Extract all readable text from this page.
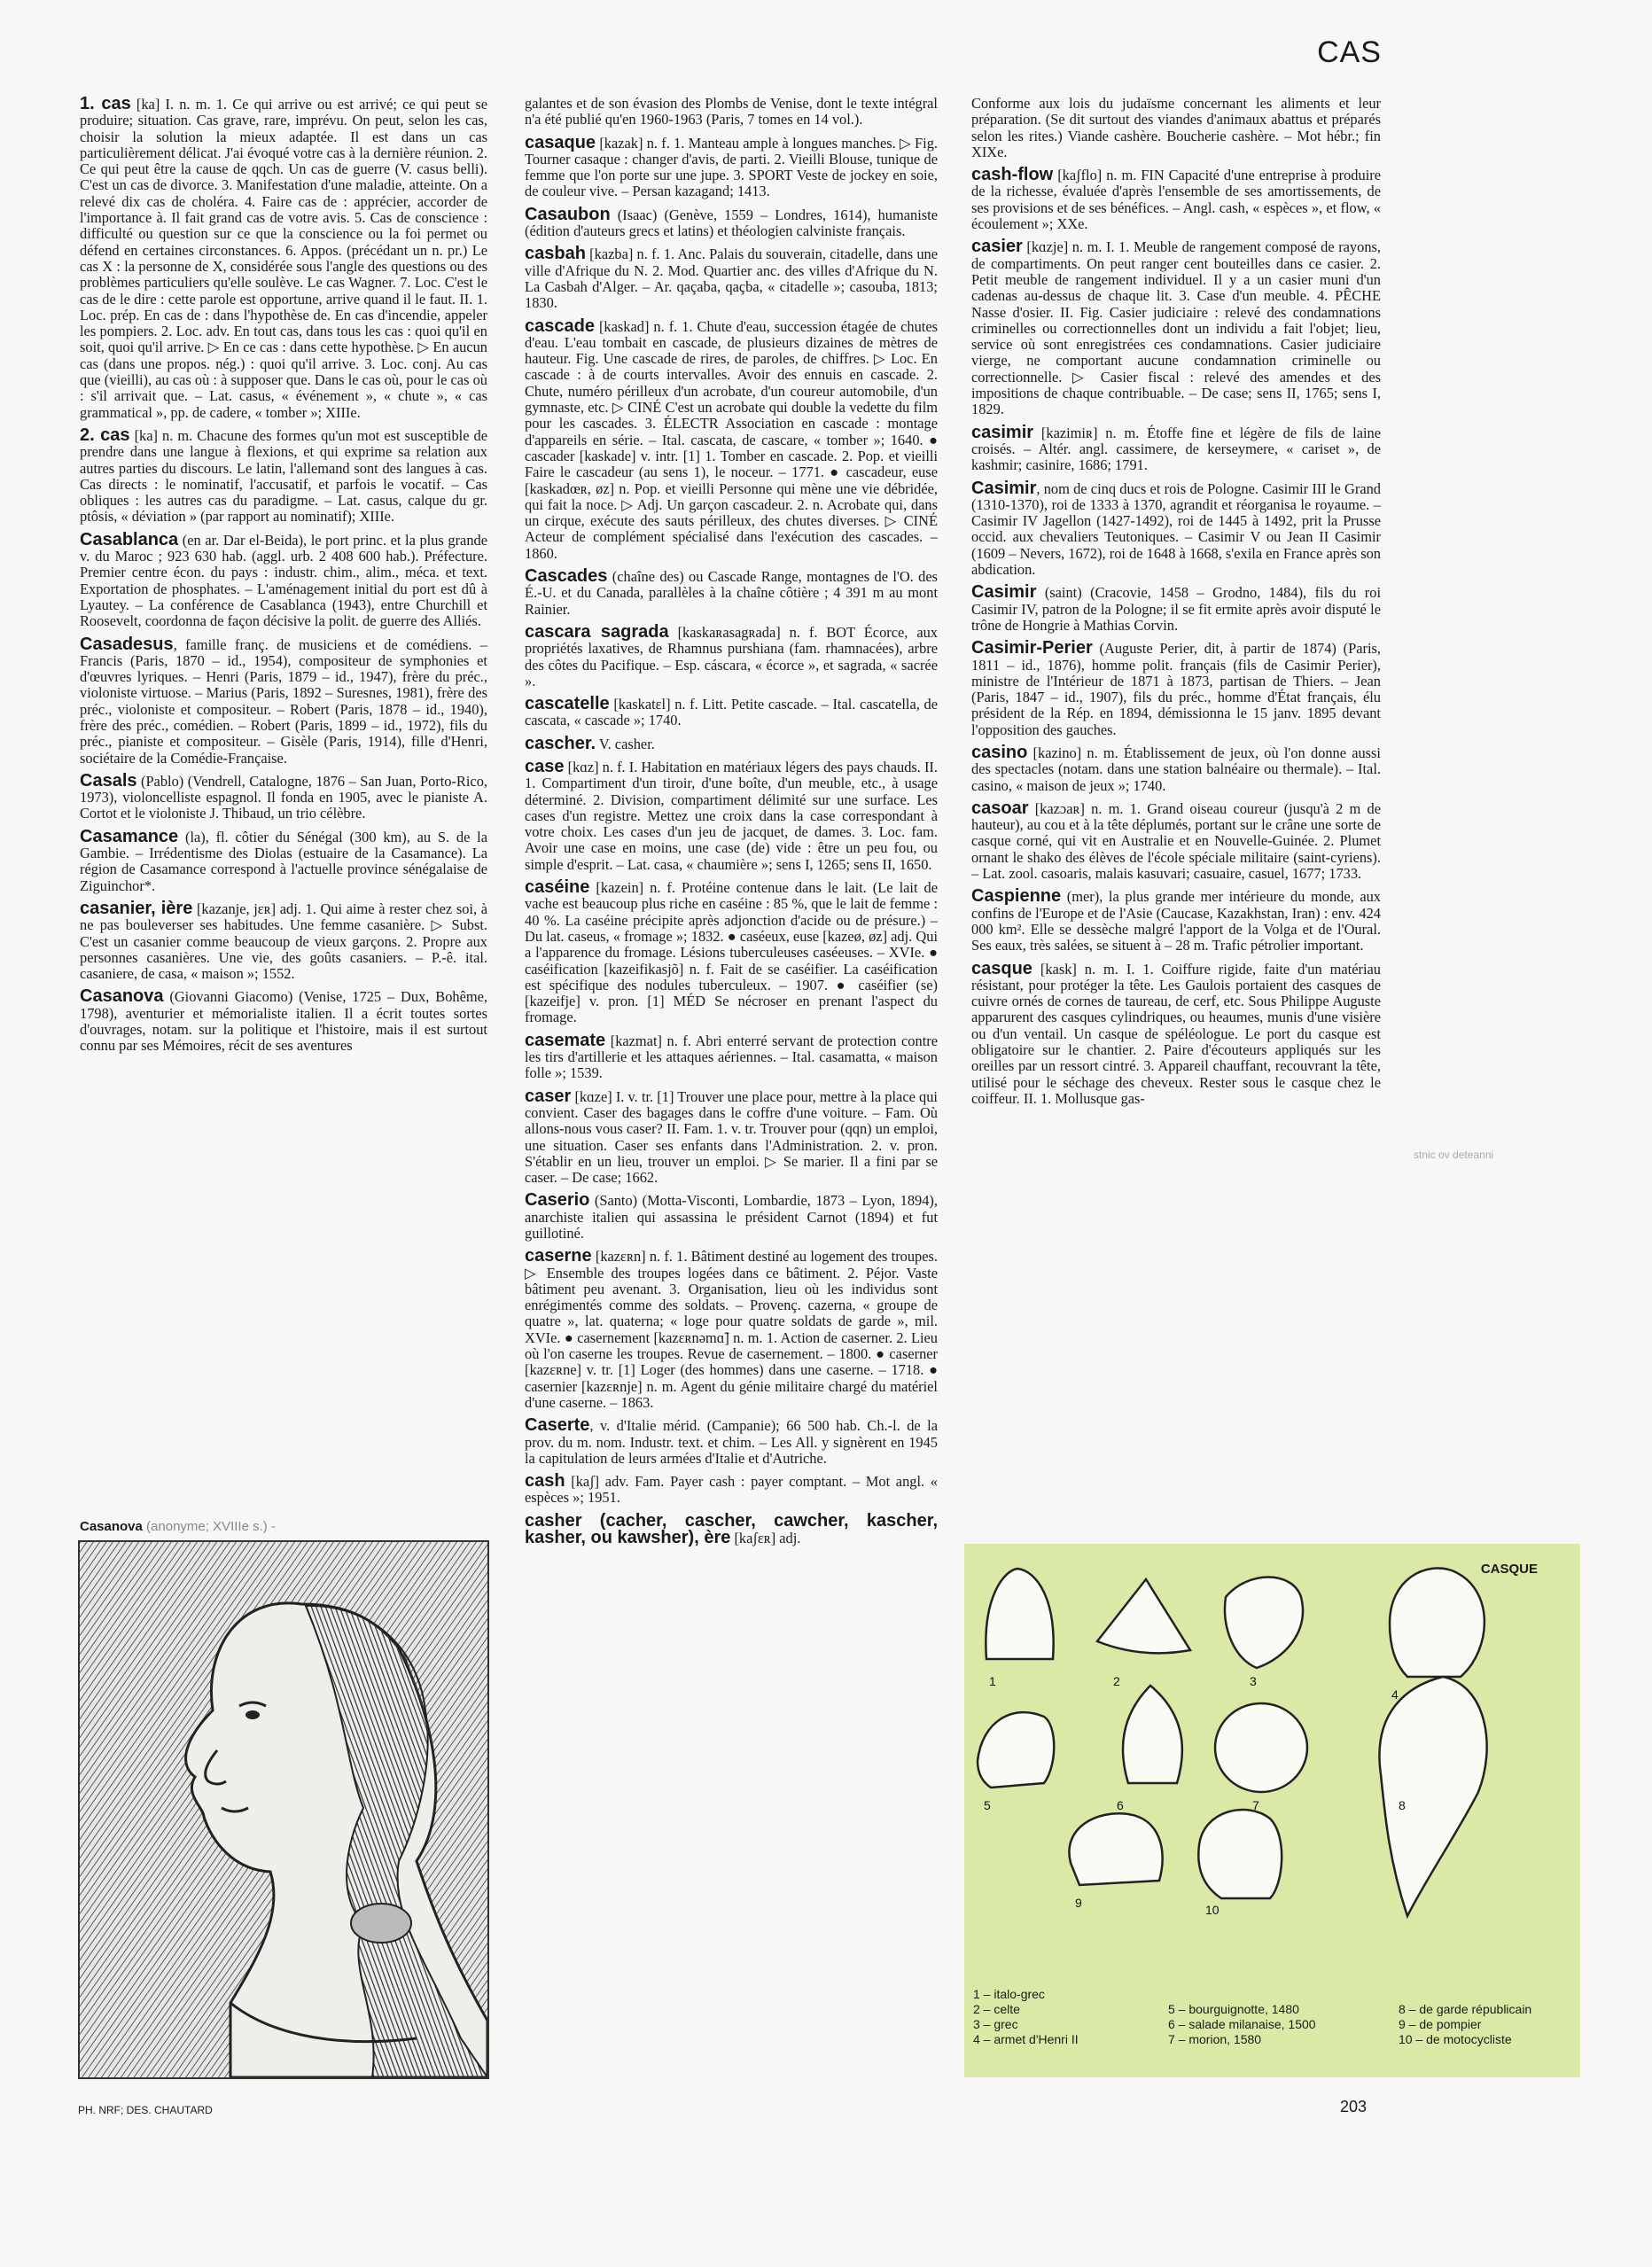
CAS

1. cas [ka] I. n. m. 1. Ce qui arrive ou est arrivé; ce qui peut se produire; situation. Cas grave, rare, imprévu. On peut, selon les cas, choisir la solution la mieux adaptée. Il est dans un cas particulièrement délicat. J'ai évoqué votre cas à la dernière réunion. 2. Ce qui peut être la cause de qqch. Un cas de guerre (V. casus belli). C'est un cas de divorce. 3. Manifestation d'une maladie, atteinte. On a relevé dix cas de choléra. 4. Faire cas de : apprécier, accorder de l'importance à. Il fait grand cas de votre avis. 5. Cas de conscience : difficulté ou question sur ce que la conscience ou la foi permet ou défend en certaines circonstances. 6. Appos. (précédant un n. pr.) Le cas X : la personne de X, considérée sous l'angle des questions ou des problèmes particuliers qu'elle soulève. Le cas Wagner. 7. Loc. C'est le cas de le dire : cette parole est opportune, arrive quand il le faut. II. 1. Loc. prép. En cas de : dans l'hypothèse de. En cas d'incendie, appeler les pompiers. 2. Loc. adv. En tout cas, dans tous les cas : quoi qu'il en soit, quoi qu'il arrive. ▷ En ce cas : dans cette hypothèse. ▷ En aucun cas (dans une propos. nég.) : quoi qu'il arrive. 3. Loc. conj. Au cas que (vieilli), au cas où : à supposer que. Dans le cas où, pour le cas où : s'il arrivait que. – Lat. casus, « événement », « chute », « cas grammatical », pp. de cadere, « tomber »; XIIIe.

2. cas [ka] n. m. Chacune des formes qu'un mot est susceptible de prendre dans une langue à flexions, et qui exprime sa relation aux autres parties du discours. Le latin, l'allemand sont des langues à cas. Cas directs : le nominatif, l'accusatif, et parfois le vocatif. – Cas obliques : les autres cas du paradigme. – Lat. casus, calque du gr. ptôsis, « déviation » (par rapport au nominatif); XIIIe.

Casablanca (en ar. Dar el-Beida), le port princ. et la plus grande v. du Maroc ; 923 630 hab. (aggl. urb. 2 408 600 hab.). Préfecture. Premier centre écon. du pays : industr. chim., alim., méca. et text. Exportation de phosphates. – L'aménagement initial du port est dû à Lyautey. – La conférence de Casablanca (1943), entre Churchill et Roosevelt, coordonna de façon décisive la polit. de guerre des Alliés.

Casadesus, famille franç. de musiciens et de comédiens. – Francis (Paris, 1870 – id., 1954), compositeur de symphonies et d'œuvres lyriques. – Henri (Paris, 1879 – id., 1947), frère du préc., violoniste virtuose. – Marius (Paris, 1892 – Suresnes, 1981), frère des préc., violoniste et compositeur. – Robert (Paris, 1878 – id., 1940), frère des préc., comédien. – Robert (Paris, 1899 – id., 1972), fils du préc., pianiste et compositeur. – Gisèle (Paris, 1914), fille d'Henri, sociétaire de la Comédie-Française.

Casals (Pablo) (Vendrell, Catalogne, 1876 – San Juan, Porto-Rico, 1973), violoncelliste espagnol. Il fonda en 1905, avec le pianiste A. Cortot et le violoniste J. Thibaud, un trio célèbre.

Casamance (la), fl. côtier du Sénégal (300 km), au S. de la Gambie. – Irrédentisme des Diolas (estuaire de la Casamance). La région de Casamance correspond à l'actuelle province sénégalaise de Ziguinchor*.

casanier, ière [kazanje, jɛʀ] adj. 1. Qui aime à rester chez soi, à ne pas bouleverser ses habitudes. Une femme casanière. ▷ Subst. C'est un casanier comme beaucoup de vieux garçons. 2. Propre aux personnes casanières. Une vie, des goûts casaniers. – P.-ê. ital. casaniere, de casa, « maison »; 1552.

Casanova (Giovanni Giacomo) (Venise, 1725 – Dux, Bohême, 1798), aventurier et mémorialiste italien. Il a écrit toutes sortes d'ouvrages, notam. sur la politique et l'histoire, mais il est surtout connu par ses Mémoires, récit de ses aventures

galantes et de son évasion des Plombs de Venise, dont le texte intégral n'a été publié qu'en 1960-1963 (Paris, 7 tomes en 14 vol.).

casaque [kazak] n. f. 1. Manteau ample à longues manches. ▷ Fig. Tourner casaque : changer d'avis, de parti. 2. Vieilli Blouse, tunique de femme que l'on porte sur une jupe. 3. SPORT Veste de jockey en soie, de couleur vive. – Persan kazagand; 1413.

Casaubon (Isaac) (Genève, 1559 – Londres, 1614), humaniste (édition d'auteurs grecs et latins) et théologien calviniste français.

casbah [kazba] n. f. 1. Anc. Palais du souverain, citadelle, dans une ville d'Afrique du N. 2. Mod. Quartier anc. des villes d'Afrique du N. La Casbah d'Alger. – Ar. qaçaba, qaçba, « citadelle »; casouba, 1813; 1830.

cascade [kaskad] n. f. 1. Chute d'eau, succession étagée de chutes d'eau. L'eau tombait en cascade, de plusieurs dizaines de mètres de hauteur. Fig. Une cascade de rires, de paroles, de chiffres. ▷ Loc. En cascade : à de courts intervalles. Avoir des ennuis en cascade. 2. Chute, numéro périlleux d'un acrobate, d'un coureur automobile, d'un gymnaste, etc. ▷ CINÉ C'est un acrobate qui double la vedette du film pour les cascades. 3. ÉLECTR Association en cascade : montage d'appareils en série. – Ital. cascata, de cascare, « tomber »; 1640. ● cascader [kaskade] v. intr. [1] 1. Tomber en cascade. 2. Pop. et vieilli Faire le cascadeur (au sens 1), le noceur. – 1771. ● cascadeur, euse [kaskadœʀ, øz] n. Pop. et vieilli Personne qui mène une vie débridée, qui fait la noce. ▷ Adj. Un garçon cascadeur. 2. n. Acrobate qui, dans un cirque, exécute des sauts périlleux, des chutes diverses. ▷ CINÉ Acteur de complément spécialisé dans l'exécution des cascades. – 1860.

Cascades (chaîne des) ou Cascade Range, montagnes de l'O. des É.-U. et du Canada, parallèles à la chaîne côtière ; 4 391 m au mont Rainier.

cascara sagrada [kaskaʀasagʀada] n. f. BOT Écorce, aux propriétés laxatives, de Rhamnus purshiana (fam. rhamnacées), arbre des côtes du Pacifique. – Esp. cáscara, « écorce », et sagrada, « sacrée ».

cascatelle [kaskatɛl] n. f. Litt. Petite cascade. – Ital. cascatella, de cascata, « cascade »; 1740.

cascher. V. casher.

case [kɑz] n. f. I. Habitation en matériaux légers des pays chauds. II. 1. Compartiment d'un tiroir, d'une boîte, d'un meuble, etc., à usage déterminé. 2. Division, compartiment délimité sur une surface. Les cases d'un registre. Mettez une croix dans la case correspondant à votre choix. Les cases d'un jeu de jacquet, de dames. 3. Loc. fam. Avoir une case en moins, une case (de) vide : être un peu fou, ou simple d'esprit. – Lat. casa, « chaumière »; sens I, 1265; sens II, 1650.

caséine [kazein] n. f. Protéine contenue dans le lait. (Le lait de vache est beaucoup plus riche en caséine : 85 %, que le lait de femme : 40 %. La caséine précipite après adjonction d'acide ou de présure.) – Du lat. caseus, « fromage »; 1832. ● caséeux, euse [kazeø, øz] adj. Qui a l'apparence du fromage. Lésions tuberculeuses caséeuses. – XVIe. ● caséification [kazeifikasjõ] n. f. Fait de se caséifier. La caséification est spécifique des nodules tuberculeux. – 1907. ● caséifier (se) [kazeifje] v. pron. [1] MÉD Se nécroser en prenant l'aspect du fromage.

casemate [kazmat] n. f. Abri enterré servant de protection contre les tirs d'artillerie et les attaques aériennes. – Ital. casamatta, « maison folle »; 1539.

caser [kɑze] I. v. tr. [1] Trouver une place pour, mettre à la place qui convient. Caser des bagages dans le coffre d'une voiture. – Fam. Où allons-nous vous caser? II. Fam. 1. v. tr. Trouver pour (qqn) un emploi, une situation. Caser ses enfants dans l'Administration. 2. v. pron. S'établir en un lieu, trouver un emploi. ▷ Se marier. Il a fini par se caser. – De case; 1662.

Caserio (Santo) (Motta-Visconti, Lombardie, 1873 – Lyon, 1894), anarchiste italien qui assassina le président Carnot (1894) et fut guillotiné.

caserne [kazɛʀn] n. f. 1. Bâtiment destiné au logement des troupes. ▷ Ensemble des troupes logées dans ce bâtiment. 2. Péjor. Vaste bâtiment peu avenant. 3. Organisation, lieu où les individus sont enrégimentés comme des soldats. – Provenç. cazerna, « groupe de quatre », lat. quaterna; « loge pour quatre soldats de garde », mil. XVIe. ● casernement [kazɛʀnəmɑ̃] n. m. 1. Action de caserner. 2. Lieu où l'on caserne les troupes. Revue de casernement. – 1800. ● caserner [kazɛʀne] v. tr. [1] Loger (des hommes) dans une caserne. – 1718. ● casernier [kazɛʀnje] n. m. Agent du génie militaire chargé du matériel d'une caserne. – 1863.

Caserte, v. d'Italie mérid. (Campanie); 66 500 hab. Ch.-l. de la prov. du m. nom. Industr. text. et chim. – Les All. y signèrent en 1945 la capitulation de leurs armées d'Italie et d'Autriche.

cash [kaʃ] adv. Fam. Payer cash : payer comptant. – Mot angl. « espèces »; 1951.

casher (cacher, cascher, cawcher, kascher, kasher, ou kawsher), ère [kaʃɛʀ] adj.

Conforme aux lois du judaïsme concernant les aliments et leur préparation. (Se dit surtout des viandes d'animaux abattus et préparés selon les rites.) Viande cashère. Boucherie cashère. – Mot hébr.; fin XIXe.

cash-flow [kaʃflo] n. m. FIN Capacité d'une entreprise à produire de la richesse, évaluée d'après l'ensemble de ses amortissements, de ses provisions et de ses bénéfices. – Angl. cash, « espèces », et flow, « écoulement »; XXe.

casier [kɑzje] n. m. I. 1. Meuble de rangement composé de rayons, de compartiments. On peut ranger cent bouteilles dans ce casier. 2. Petit meuble de rangement individuel. Il y a un casier muni d'un cadenas au-dessus de chaque lit. 3. Case d'un meuble. 4. PÊCHE Nasse d'osier. II. Fig. Casier judiciaire : relevé des condamnations criminelles ou correctionnelles dont un individu a fait l'objet; lieu, service où sont enregistrées ces condamnations. Casier judiciaire vierge, ne comportant aucune condamnation criminelle ou correctionnelle. ▷ Casier fiscal : relevé des amendes et des impositions de chaque contribuable. – De case; sens II, 1765; sens I, 1829.

casimir [kazimiʀ] n. m. Étoffe fine et légère de fils de laine croisés. – Altér. angl. cassimere, de kerseymere, « cariset », de kashmir; casinire, 1686; 1791.

Casimir, nom de cinq ducs et rois de Pologne. Casimir III le Grand (1310-1370), roi de 1333 à 1370, agrandit et réorganisa le royaume. – Casimir IV Jagellon (1427-1492), roi de 1445 à 1492, prit la Prusse occid. aux chevaliers Teutoniques. – Casimir V ou Jean II Casimir (1609 – Nevers, 1672), roi de 1648 à 1668, s'exila en France après son abdication.

Casimir (saint) (Cracovie, 1458 – Grodno, 1484), fils du roi Casimir IV, patron de la Pologne; il se fit ermite après avoir disputé le trône de Hongrie à Mathias Corvin.

Casimir-Perier (Auguste Perier, dit, à partir de 1874) (Paris, 1811 – id., 1876), homme polit. français (fils de Casimir Perier), ministre de l'Intérieur de 1871 à 1873, partisan de Thiers. – Jean (Paris, 1847 – id., 1907), fils du préc., homme d'État français, élu président de la Rép. en 1894, démissionna le 15 janv. 1895 devant l'opposition des gauches.

casino [kazino] n. m. Établissement de jeux, où l'on donne aussi des spectacles (notam. dans une station balnéaire ou thermale). – Ital. casino, « maison de jeux »; 1740.

casoar [kazɔaʀ] n. m. 1. Grand oiseau coureur (jusqu'à 2 m de hauteur), au cou et à la tête déplumés, portant sur le crâne une sorte de casque corné, qui vit en Australie et en Nouvelle-Guinée. 2. Plumet ornant le shako des élèves de l'école spéciale militaire (saint-cyriens). – Lat. zool. casoaris, malais kasuvari; casuaire, casuel, 1677; 1733.

Caspienne (mer), la plus grande mer intérieure du monde, aux confins de l'Europe et de l'Asie (Caucase, Kazakhstan, Iran) : env. 424 000 km². Elle se dessèche malgré l'apport de la Volga et de l'Oural. Ses eaux, très salées, se situent à – 28 m. Trafic pétrolier important.

casque [kask] n. m. I. 1. Coiffure rigide, faite d'un matériau résistant, pour protéger la tête. Les Gaulois portaient des casques de cuivre ornés de cornes de taureau, de cerf, etc. Sous Philippe Auguste apparurent des casques cylindriques, ou heaumes, munis d'une visière ou d'un ventail. Un casque de spéléologue. Le port du casque est obligatoire sur le chantier. 2. Paire d'écouteurs appliqués sur les oreilles par un ressort cintré. 3. Appareil chauffant, recouvrant la tête, utilisé pour le séchage des cheveux. Rester sous le casque chez le coiffeur. II. 1. Mollusque gas-

Casanova (anonyme; XVIIIe s.) -
CASQUE
1	2	3
4
5	6	7	8
9	10
1 – italo-grec
2 – celte
3 – grec
4 – armet d'Henri II
5 – bourguignotte, 1480
6 – salade milanaise, 1500
7 – morion, 1580
8 – de garde républicain
9 – de pompier
10 – de motocycliste
stnic ov deteanni
PH. NRF; DES. CHAUTARD	203
